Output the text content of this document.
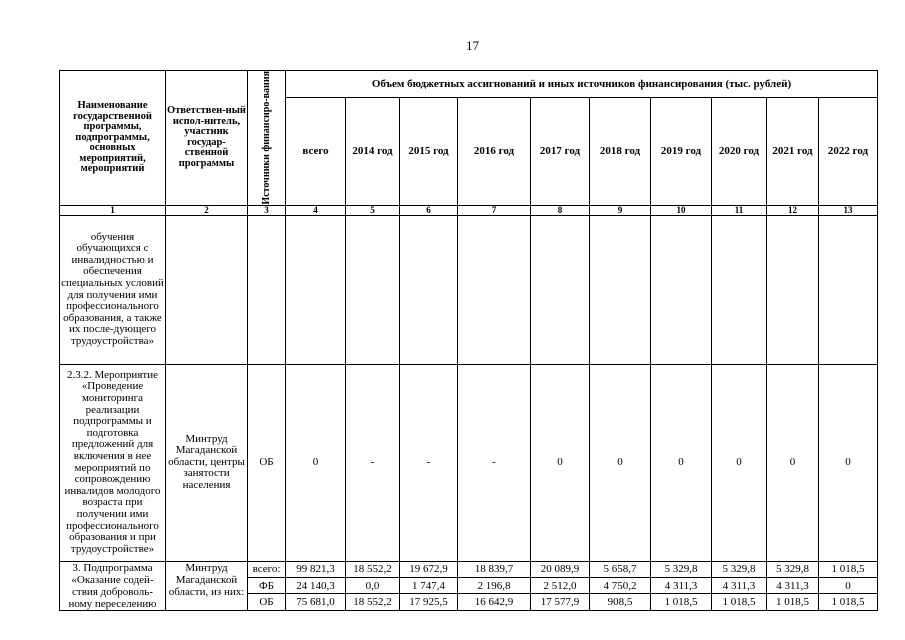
17
Наименование государственной программы, подпрограммы, основных мероприятий, мероприятий	Ответствен-ный испол-нитель, участник государ-ственной программы	Источники финансиро-вания	Объем бюджетных ассигнований и иных источников финансирования (тыс. рублей)									
			всего	2014 год	2015 год	2016 год	2017 год	2018 год	2019 год	2020 год	2021 год	2022 год
1	2	3	4	5	6	7	8	9	10	11	12	13
обучения обучающихся с инвалидностью и обеспечения специальных условий для получения ими профессионального образования, а также их после-дующего трудоустройства»												
2.3.2. Мероприятие «Проведение мониторинга реализации подпрограммы и подготовка предложений для включения в нее мероприятий по сопровождению инвалидов молодого возраста при получении ими профессионального образования и при трудоустройстве»	Минтруд Магаданской области, центры занятости населения	ОБ	0	-	-	-	0	0	0	0	0	0
3. Подпрограмма «Оказание содей-ствия доброволь-ному переселению	Минтруд Магаданской области, из них:	всего:	99 821,3	18 552,2	19 672,9	18 839,7	20 089,9	5 658,7	5 329,8	5 329,8	5 329,8	1 018,5
		ФБ	24 140,3	0,0	1 747,4	2 196,8	2 512,0	4 750,2	4 311,3	4 311,3	4 311,3	0
		ОБ	75 681,0	18 552,2	17 925,5	16 642,9	17 577,9	908,5	1 018,5	1 018,5	1 018,5	1 018,5
